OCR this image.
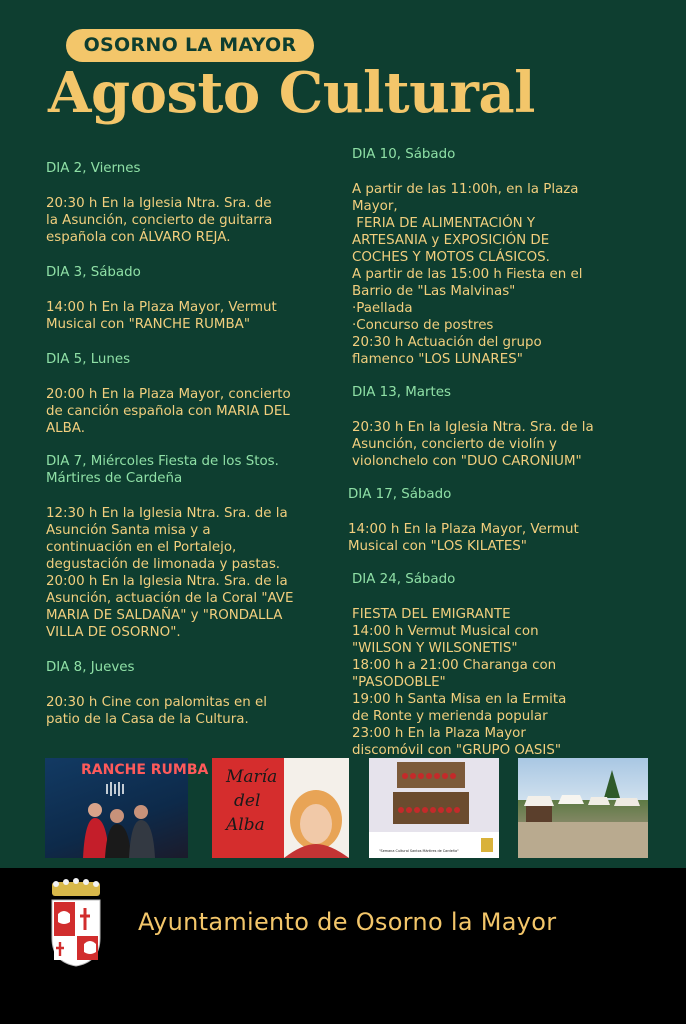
OSORNO LA MAYOR
Agosto Cultural

DIA 2, Viernes

20:30 h En la Iglesia Ntra. Sra. de

la Asunción, concierto de guitarra

española con ÁLVARO REJA.

DIA 3, Sábado

14:00 h En la Plaza Mayor, Vermut

Musical con "RANCHE RUMBA"

DIA 5, Lunes

20:00 h En la Plaza Mayor, concierto

de canción española con MARIA DEL

ALBA.

DIA 7, Miércoles Fiesta de los Stos.

Mártires de Cardeña

12:30 h En la Iglesia Ntra. Sra. de la

Asunción Santa misa y a

continuación en el Portalejo,

degustación de limonada y pastas.

20:00 h En la Iglesia Ntra. Sra. de la

Asunción, actuación de la Coral "AVE

MARIA DE SALDAÑA" y "RONDALLA

VILLA DE OSORNO".

DIA 8, Jueves

20:30 h Cine con palomitas en el

patio de la Casa de la Cultura.

DIA 10, Sábado

A partir de las 11:00h, en la Plaza

Mayor,

FERIA DE ALIMENTACIÓN Y

ARTESANIA y EXPOSICIÓN DE

COCHES Y MOTOS CLÁSICOS.

A partir de las 15:00 h Fiesta en el

Barrio de "Las Malvinas"

·Paellada

·Concurso de postres

20:30 h Actuación del grupo

flamenco "LOS LUNARES"

DIA 13, Martes

20:30 h En la Iglesia Ntra. Sra. de la

Asunción, concierto de violín y

violonchelo con "DUO CARONIUM"

DIA 17, Sábado

14:00 h En la Plaza Mayor, Vermut

Musical con "LOS KILATES"

DIA 24, Sábado

FIESTA DEL EMIGRANTE

14:00 h Vermut Musical con

"WILSON Y WILSONETIS"

18:00 h a 21:00 Charanga con

"PASODOBLE"

19:00 h Santa Misa en la Ermita

de Ronte y merienda popular

23:00 h En la Plaza Mayor

discomóvil con "GRUPO OASIS"

RANCHE RUMBA María
del
Alba
"Semana Cultural Santos Mártires de Cardeña"
Ayuntamiento de Osorno la Mayor
